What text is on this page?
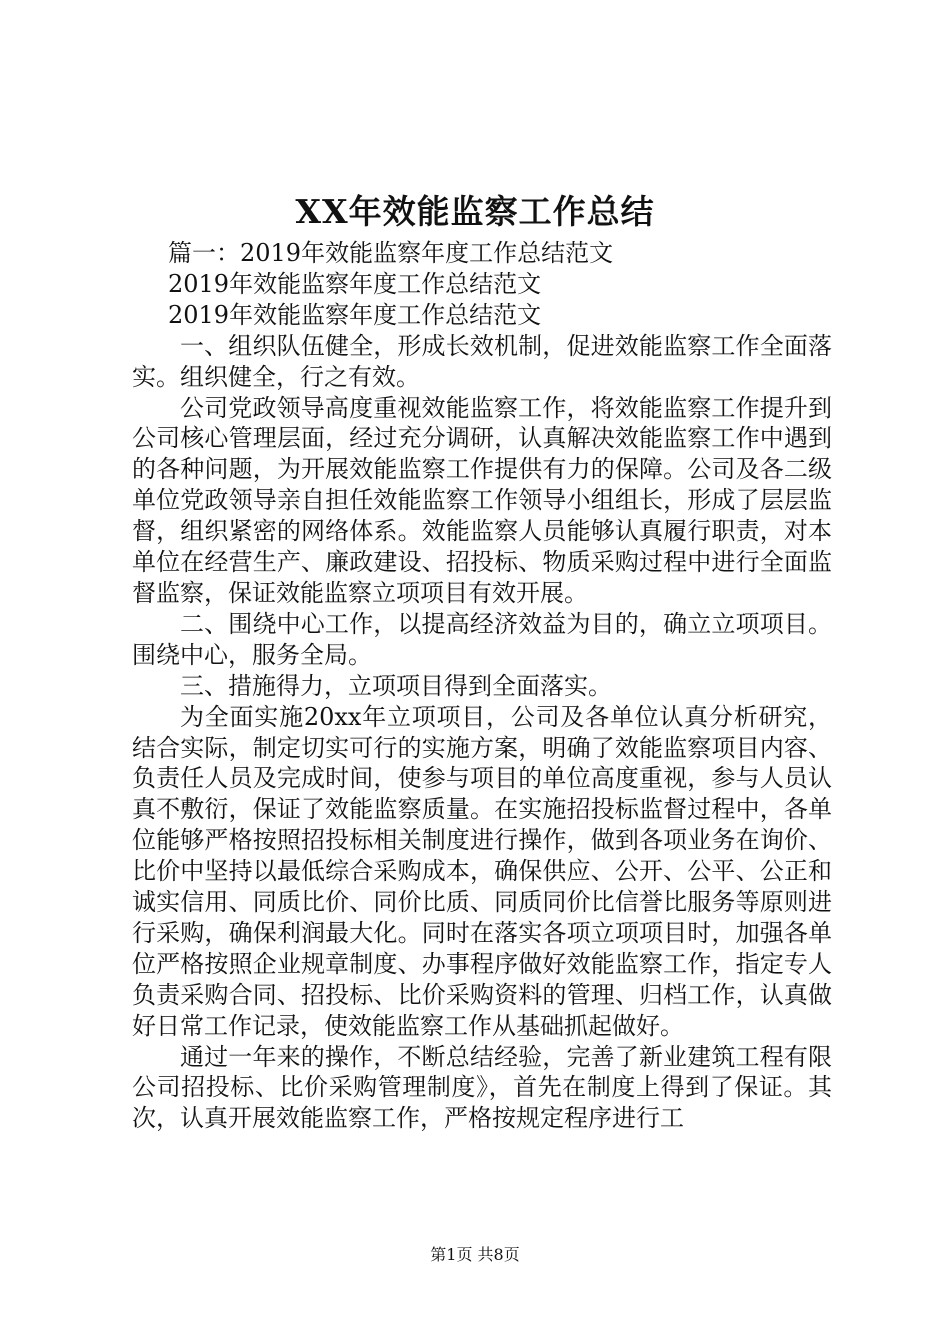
XX年效能监察工作总结

篇一：2019年效能监察年度工作总结范文

2019年效能监察年度工作总结范文

2019年效能监察年度工作总结范文

一、组织队伍健全，形成长效机制，促进效能监察工作全面落实。组织健全，行之有效。

公司党政领导高度重视效能监察工作，将效能监察工作提升到公司核心管理层面，经过充分调研，认真解决效能监察工作中遇到的各种问题，为开展效能监察工作提供有力的保障。公司及各二级单位党政领导亲自担任效能监察工作领导小组组长，形成了层层监督，组织紧密的网络体系。效能监察人员能够认真履行职责，对本单位在经营生产、廉政建设、招投标、物质采购过程中进行全面监督监察，保证效能监察立项项目有效开展。

二、围绕中心工作，以提高经济效益为目的，确立立项项目。围绕中心，服务全局。

三、措施得力，立项项目得到全面落实。

为全面实施20xx年立项项目，公司及各单位认真分析研究，结合实际，制定切实可行的实施方案，明确了效能监察项目内容、负责任人员及完成时间，使参与项目的单位高度重视，参与人员认真不敷衍，保证了效能监察质量。在实施招投标监督过程中，各单位能够严格按照招投标相关制度进行操作，做到各项业务在询价、比价中坚持以最低综合采购成本，确保供应、公开、公平、公正和诚实信用、同质比价、同价比质、同质同价比信誉比服务等原则进行采购，确保利润最大化。同时在落实各项立项项目时，加强各单位严格按照企业规章制度、办事程序做好效能监察工作，指定专人负责采购合同、招投标、比价采购资料的管理、归档工作，认真做好日常工作记录，使效能监察工作从基础抓起做好。

通过一年来的操作，不断总结经验，完善了新业建筑工程有限公司招投标、比价采购管理制度》，首先在制度上得到了保证。其次，认真开展效能监察工作，严格按规定程序进行工

第1页 共8页
